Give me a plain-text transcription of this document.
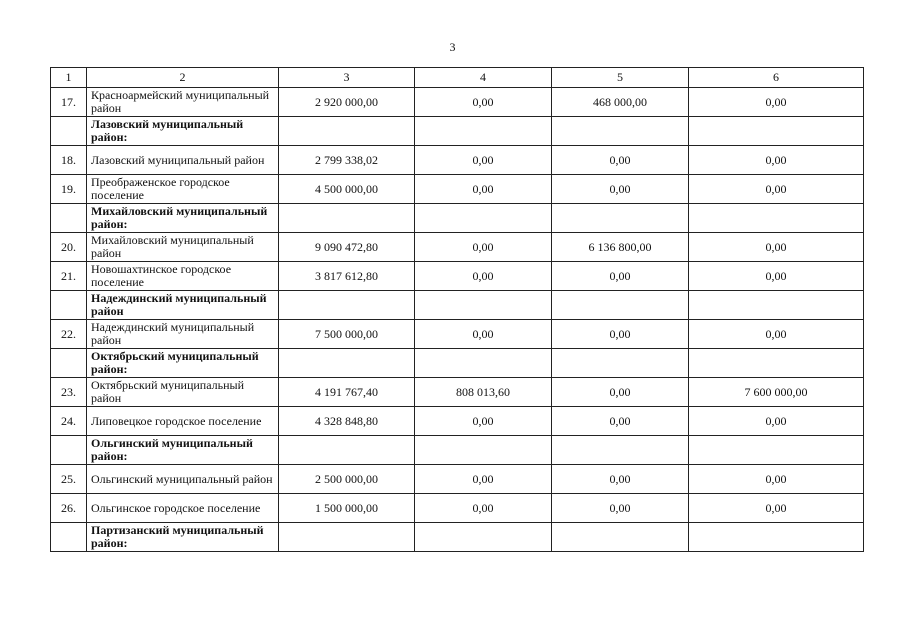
3
1	2	3	4	5	6
17.	Красноармейский муниципальный район	2 920 000,00	0,00	468 000,00	0,00
	Лазовский муниципальный район:				
18.	Лазовский муниципальный район	2 799 338,02	0,00	0,00	0,00
19.	Преображенское городское поселение	4 500 000,00	0,00	0,00	0,00
	Михайловский муниципальный район:				
20.	Михайловский муниципальный район	9 090 472,80	0,00	6 136 800,00	0,00
21.	Новошахтинское городское поселение	3 817 612,80	0,00	0,00	0,00
	Надеждинский муниципальный район				
22.	Надеждинский муниципальный район	7 500 000,00	0,00	0,00	0,00
	Октябрьский муниципальный район:				
23.	Октябрьский муниципальный район	4 191 767,40	808 013,60	0,00	7 600 000,00
24.	Липовецкое городское поселение	4 328 848,80	0,00	0,00	0,00
	Ольгинский муниципальный район:				
25.	Ольгинский муниципальный район	2 500 000,00	0,00	0,00	0,00
26.	Ольгинское городское поселение	1 500 000,00	0,00	0,00	0,00
	Партизанский муниципальный район:				
